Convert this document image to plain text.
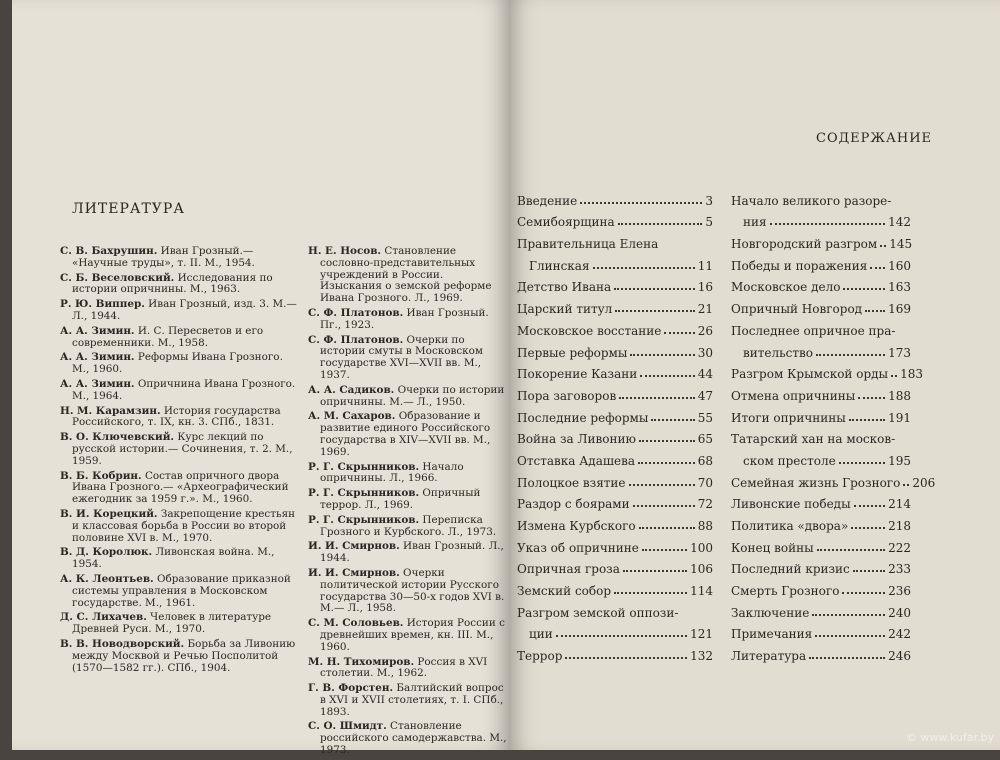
ЛИТЕРАТУРА
С. В. Бахрушин. Иван Грозный.— «Научные труды», т. II. М., 1954.
С. Б. Веселовский. Исследования по истории опричнины. М., 1963.
Р. Ю. Виппер. Иван Грозный, изд. 3. М.— Л., 1944.
А. А. Зимин. И. С. Пересветов и его современники. М., 1958.
А. А. Зимин. Реформы Ивана Грозного. М., 1960.
А. А. Зимин. Опричнина Ивана Грозного. М., 1964.
Н. М. Карамзин. История государства Российского, т. IX, кн. 3. СПб., 1831.
В. О. Ключевский. Курс лекций по русской истории.— Сочинения, т. 2. М., 1959.
В. Б. Кобрин. Состав опричного двора Ивана Грозного.— «Археографический ежегодник за 1959 г.». М., 1960.
В. И. Корецкий. Закрепощение крестьян и классовая борьба в России во второй половине XVI в. М., 1970.
В. Д. Королюк. Ливонская война. М., 1954.
А. К. Леонтьев. Образование приказной системы управления в Московском государстве. М., 1961.
Д. С. Лихачев. Человек в литературе Древней Руси. М., 1970.
В. В. Новодворский. Борьба за Ливонию между Москвой и Речью Посполитой (1570—1582 гг.). СПб., 1904.
Н. Е. Носов. Становление сословно-представительных учреждений в России. Изыскания о земской реформе Ивана Грозного. Л., 1969.
С. Ф. Платонов. Иван Грозный. Пг., 1923.
С. Ф. Платонов. Очерки по истории смуты в Московском государстве XVI—XVII вв. М., 1937.
А. А. Садиков. Очерки по истории опричнины. М.— Л., 1950.
А. М. Сахаров. Образование и развитие единого Российского государства в XIV—XVII вв. М., 1969.
Р. Г. Скрынников. Начало опричнины. Л., 1966.
Р. Г. Скрынников. Опричный террор. Л., 1969.
Р. Г. Скрынников. Переписка Грозного и Курбского. Л., 1973.
И. И. Смирнов. Иван Грозный. Л., 1944.
И. И. Смирнов. Очерки политической истории Русского государства 30—50-х годов XVI в. М.— Л., 1958.
С. М. Соловьев. История России с древнейших времен, кн. III. М., 1960.
М. Н. Тихомиров. Россия в XVI столетии. М., 1962.
Г. В. Форстен. Балтийский вопрос в XVI и XVII столетиях, т. I. СПб., 1893.
С. О. Шмидт. Становление российского самодержавства. М., 1973.
СОДЕРЖАНИЕ
Введение	3
Семибоярщина	5
Правительница Елена
Глинская	11
Детство Ивана	16
Царский титул	21
Московское восстание	26
Первые реформы	30
Покорение Казани	44
Пора заговоров	47
Последние реформы	55
Война за Ливонию	65
Отставка Адашева	68
Полоцкое взятие	70
Раздор с боярами	72
Измена Курбского	88
Указ об опричнине	100
Опричная гроза	106
Земский собор	114
Разгром земской оппози-
ции	121
Террор	132
Начало великого разоре-
ния	142
Новгородский разгром 145
Победы и поражения 160
Московское дело	163
Опричный Новгород 169
Последнее опричное пра-
вительство	173
Разгром Крымской орды 183
Отмена опричнины	188
Итоги опричнины	191
Татарский хан на москов-
ском престоле	195
Семейная жизнь Грозного 206
Ливонские победы	214
Политика «двора»	218
Конец войны	222
Последний кризис	233
Смерть Грозного	236
Заключение	240
Примечания	242
Литература	246
© www.kufar.by
